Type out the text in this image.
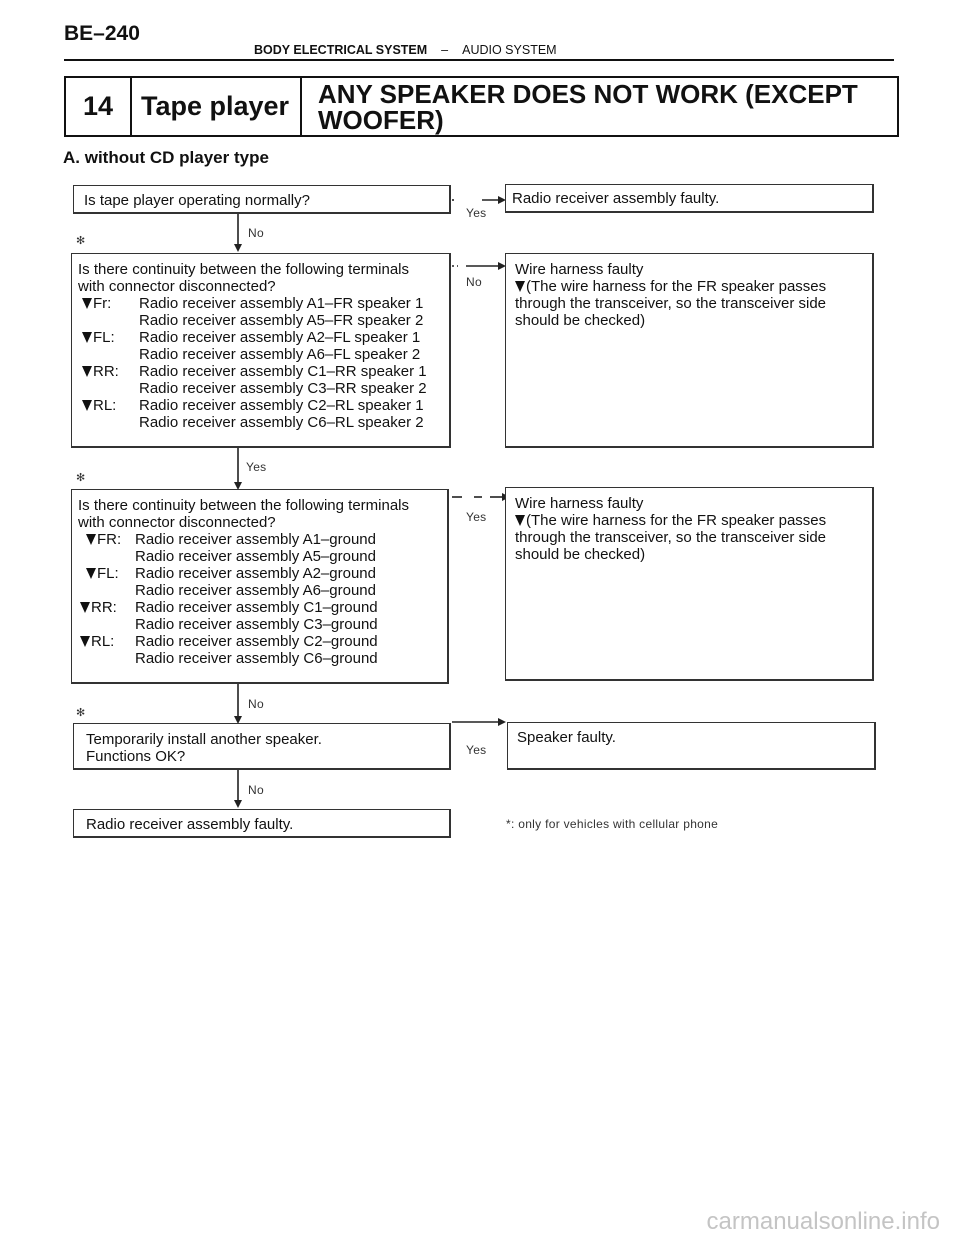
BE–240
BODY ELECTRICAL SYSTEM – AUDIO SYSTEM
14	Tape player	ANY SPEAKER DOES NOT WORK (EXCEPT WOOFER)
A. without CD player type
No
Yes
No
Yes
Yes
No
Yes
No
✻
✻
✻
Is tape player operating normally?	Radio receiver assembly faulty.
Is there continuity between the following terminals
with connector disconnected?
Fr: Radio receiver assembly A1–FR speaker 1
Radio receiver assembly A5–FR speaker 2
FL: Radio receiver assembly A2–FL speaker 1
Radio receiver assembly A6–FL speaker 2
RR: Radio receiver assembly C1–RR speaker 1
Radio receiver assembly C3–RR speaker 2
RL: Radio receiver assembly C2–RL speaker 1
Radio receiver assembly C6–RL speaker 2
Wire harness faulty
(The wire harness for the FR speaker passes
through the transceiver, so the transceiver side
should be checked)
Is there continuity between the following terminals
with connector disconnected?
FR: Radio receiver assembly A1–ground
Radio receiver assembly A5–ground
FL: Radio receiver assembly A2–ground
Radio receiver assembly A6–ground
RR: Radio receiver assembly C1–ground
Radio receiver assembly C3–ground
RL: Radio receiver assembly C2–ground
Radio receiver assembly C6–ground
Wire harness faulty
(The wire harness for the FR speaker passes
through the transceiver, so the transceiver side
should be checked)
Temporarily install another speaker.
Functions OK?
Speaker faulty.
Radio receiver assembly faulty.	*: only for vehicles with cellular phone
carmanualsonline.info
